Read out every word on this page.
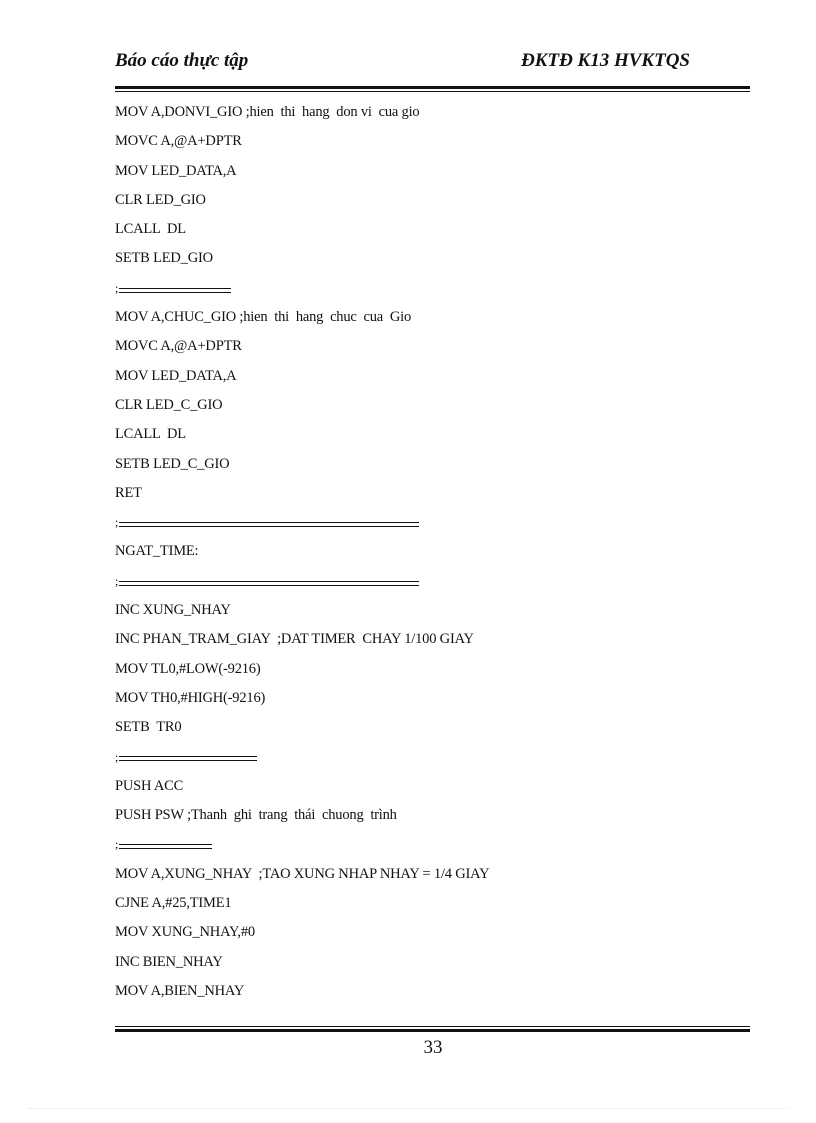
Báo cáo thực tập	ĐKTĐ K13 HVKTQS
MOV A,DONVI_GIO ;hien  thi  hang  don vi  cua gio
MOVC A,@A+DPTR
MOV LED_DATA,A
CLR LED_GIO
LCALL  DL
SETB LED_GIO
;
MOV A,CHUC_GIO ;hien  thi  hang  chuc  cua  Gio
MOVC A,@A+DPTR
MOV LED_DATA,A
CLR LED_C_GIO
LCALL  DL
SETB LED_C_GIO
RET
;
NGAT_TIME:
;
INC XUNG_NHAY
INC PHAN_TRAM_GIAY  ;DAT TIMER  CHAY 1/100 GIAY
MOV TL0,#LOW(-9216)
MOV TH0,#HIGH(-9216)
SETB  TR0
;
PUSH ACC
PUSH PSW ;Thanh  ghi  trang  thái  chuong  trình
;
MOV A,XUNG_NHAY  ;TAO XUNG NHAP NHAY = 1/4 GIAY
CJNE A,#25,TIME1
MOV XUNG_NHAY,#0
INC BIEN_NHAY
MOV A,BIEN_NHAY
33
